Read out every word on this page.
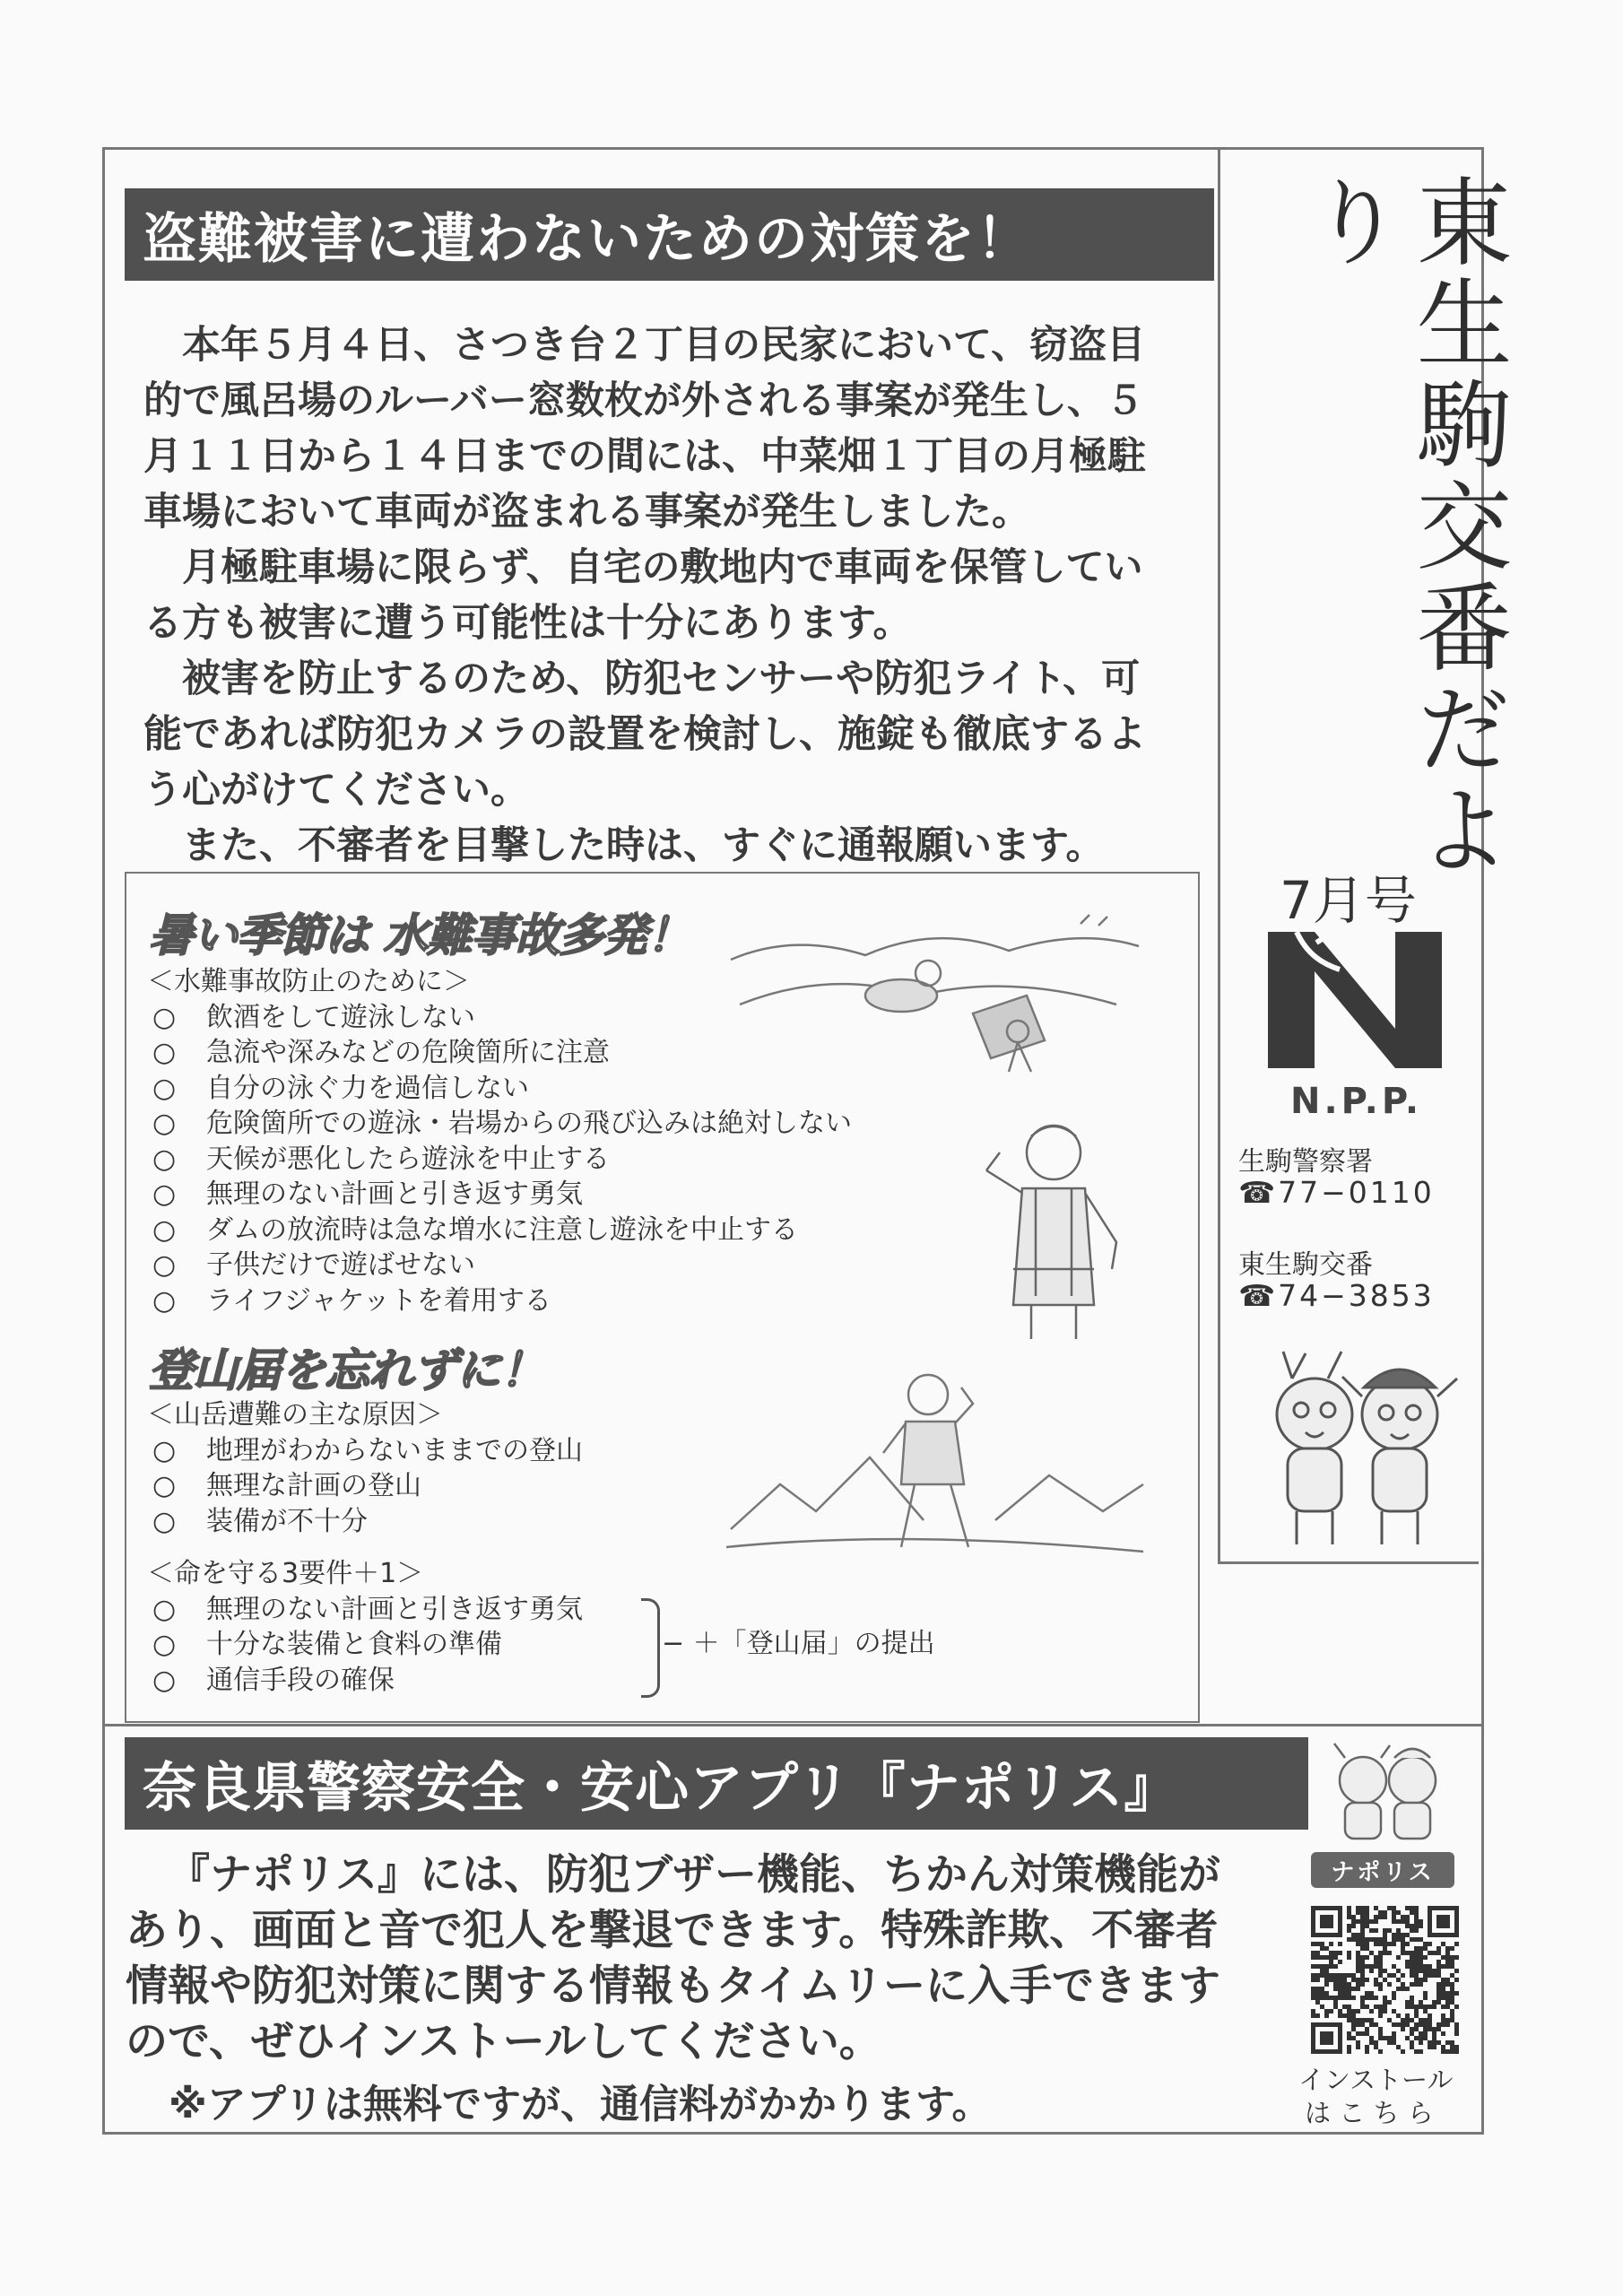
東生駒交番だより
7月号
N.P.P.
生駒警察署
☎77−0110
東生駒交番
☎74−3853
盗難被害に遭わないための対策を！

本年５月４日、さつき台２丁目の民家において、窃盗目的で風呂場のルーバー窓数枚が外される事案が発生し、５月１１日から１４日までの間には、中菜畑１丁目の月極駐車場において車両が盗まれる事案が発生しました。

月極駐車場に限らず、自宅の敷地内で車両を保管している方も被害に遭う可能性は十分にあります。

被害を防止するのため、防犯センサーや防犯ライト、可能であれば防犯カメラの設置を検討し、施錠も徹底するよう心がけてください。

また、不審者を目撃した時は、すぐに通報願います。

暑い季節は 水難事故多発！
＜水難事故防止のために＞
○	飲酒をして遊泳しない
○	急流や深みなどの危険箇所に注意
○	自分の泳ぐ力を過信しない
○	危険箇所での遊泳・岩場からの飛び込みは絶対しない
○	天候が悪化したら遊泳を中止する
○	無理のない計画と引き返す勇気
○	ダムの放流時は急な増水に注意し遊泳を中止する
○	子供だけで遊ばせない
○	ライフジャケットを着用する
登山届を忘れずに！
＜山岳遭難の主な原因＞
○	地理がわからないままでの登山
○	無理な計画の登山
○	装備が不十分
＜命を守る3要件＋1＞
○	無理のない計画と引き返す勇気
○	十分な装備と食料の準備
○	通信手段の確保
− ＋「登山届」の提出
奈良県警察安全・安心アプリ『ナポリス』
『ナポリス』には、防犯ブザー機能、ちかん対策機能があり、画面と音で犯人を撃退できます。特殊詐欺、不審者情報や防犯対策に関する情報もタイムリーに入手できますので、ぜひインストールしてください。
※アプリは無料ですが、通信料がかかります。
ナポリス
インストール
は こ ち ら
